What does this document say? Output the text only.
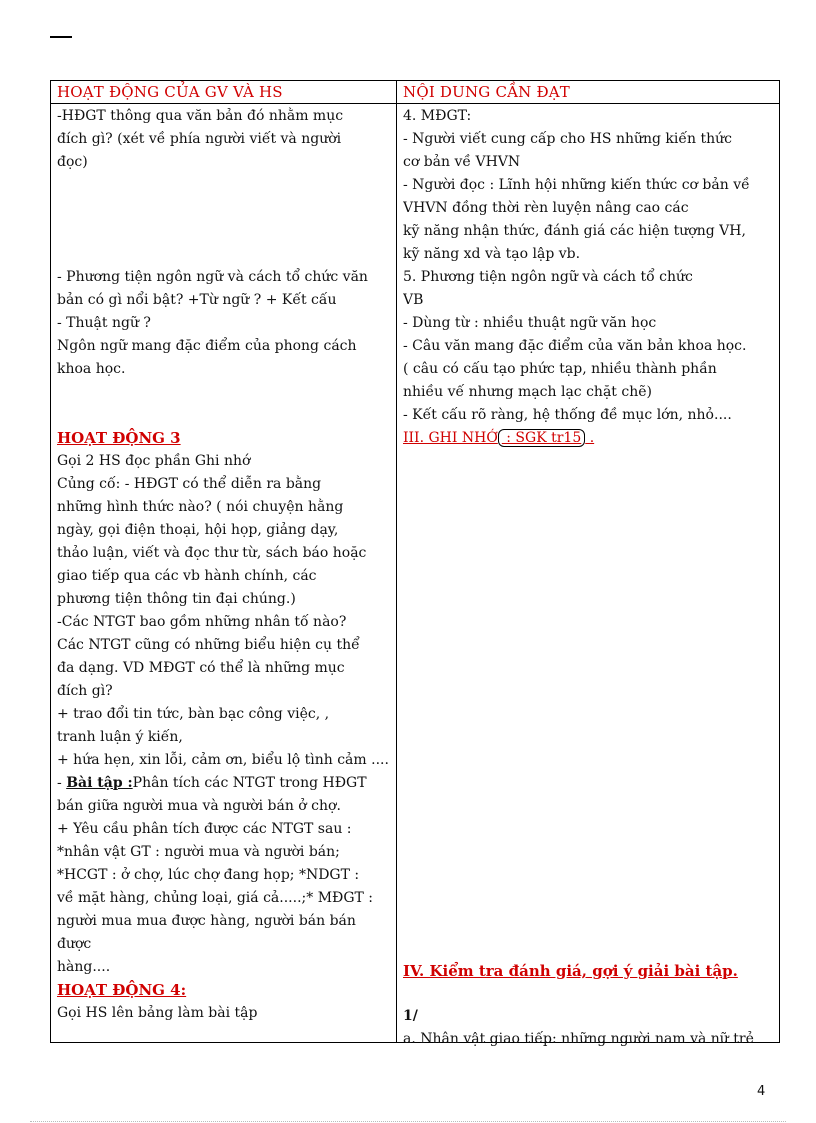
HOẠT ĐỘNG CỦA GV VÀ HS	NỘI DUNG CẦN ĐẠT
-HĐGT thông qua văn bản đó nhằm mục
đích gì? (xét về phía người viết và người
đọc)
- Phương tiện ngôn ngữ và cách tổ chức văn
bản có gì nổi bật? +Từ ngữ ? + Kết cấu
- Thuật ngữ ?
Ngôn ngữ mang đặc điểm của phong cách
khoa học.
HOẠT ĐỘNG 3
Gọi 2 HS đọc phần Ghi nhớ
Củng cố: - HĐGT có thể diễn ra bằng
những hình thức nào? ( nói chuyện hằng
ngày, gọi điện thoại, hội họp, giảng dạy,
thảo luận, viết và đọc thư từ, sách báo hoặc
giao tiếp qua các vb hành chính, các
phương tiện thông tin đại chúng.)
-Các NTGT bao gồm những nhân tố nào?
Các NTGT cũng có những biểu hiện cụ thể
đa dạng. VD MĐGT có thể là những mục
đích gì?
+ trao đổi tin tức, bàn bạc công việc, ,
tranh luận ý kiến,
+ hứa hẹn, xin lỗi, cảm ơn, biểu lộ tình cảm ....
- Bài tập :Phân tích các NTGT trong HĐGT
bán giữa người mua và người bán ở chợ.
+ Yêu cầu phân tích được các NTGT sau :
*nhân vật GT : người mua và người bán;
*HCGT : ở chợ, lúc chợ đang họp; *NDGT :
về mặt hàng, chủng loại, giá cả.....;* MĐGT :
người mua mua được hàng, người bán bán
được
hàng....
HOẠT ĐỘNG 4:
Gọi HS lên bảng làm bài tập
4. MĐGT:
- Người viết cung cấp cho HS những kiến thức
cơ bản về VHVN
- Người đọc : Lĩnh hội những kiến thức cơ bản về
VHVN đồng thời rèn luyện nâng cao các
kỹ năng nhận thức, đánh giá các hiện tượng VH,
kỹ năng xd và tạo lập vb.
5. Phương tiện ngôn ngữ và cách tổ chức
VB
- Dùng từ : nhiều thuật ngữ văn học
- Câu văn mang đặc điểm của văn bản khoa học.
( câu có cấu tạo phức tạp, nhiều thành phần
nhiều vế nhưng mạch lạc chặt chẽ)
- Kết cấu rõ ràng, hệ thống đề mục lớn, nhỏ....
III. GHI NHỚ : SGK tr15 .
IV. Kiểm tra đánh giá, gợi ý giải bài tập.
1/
a. Nhân vật giao tiếp: những người nam và nữ trẻ
4
